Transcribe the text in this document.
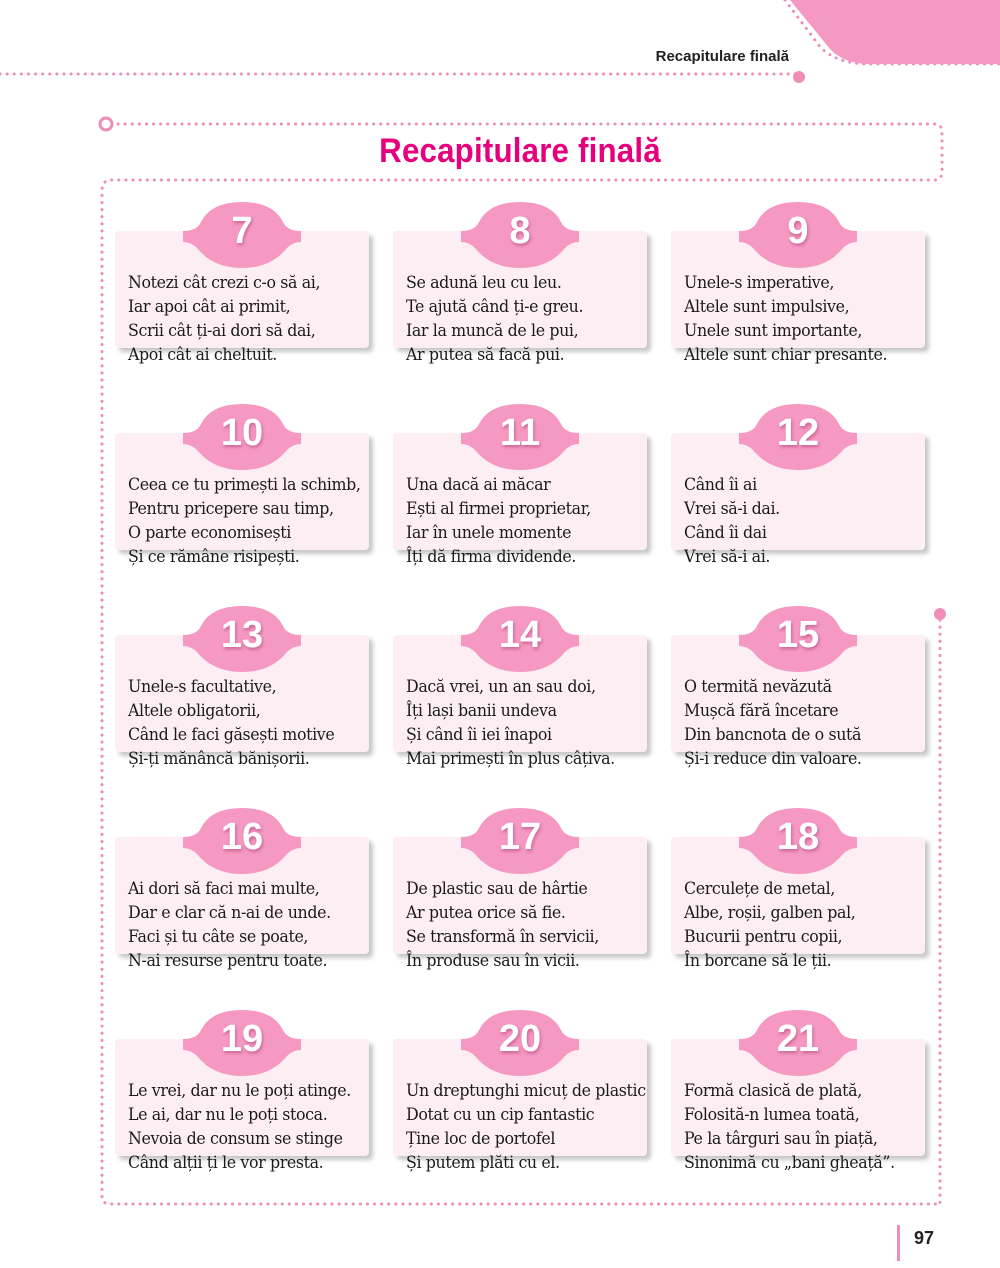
Recapitulare finală
Recapitulare finală
Notezi cât crezi c-o să ai,
Iar apoi cât ai primit,
Scrii cât ți-ai dori să dai,
Apoi cât ai cheltuit.
7
Se adună leu cu leu.
Te ajută când ți-e greu.
Iar la muncă de le pui,
Ar putea să facă pui.
8
Unele-s imperative,
Altele sunt impulsive,
Unele sunt importante,
Altele sunt chiar presante.
9
Ceea ce tu primești la schimb,
Pentru pricepere sau timp,
O parte economisești
Și ce rămâne risipești.
10
Una dacă ai măcar
Ești al firmei proprietar,
Iar în unele momente
Îți dă firma dividende.
11
Când îi ai
Vrei să-i dai.
Când îi dai
Vrei să-i ai.
12
Unele-s facultative,
Altele obligatorii,
Când le faci găsești motive
Și-ți mănâncă bănișorii.
13
Dacă vrei, un an sau doi,
Îți lași banii undeva
Și când îi iei înapoi
Mai primești în plus câțiva.
14
O termită nevăzută
Mușcă fără încetare
Din bancnota de o sută
Și-i reduce din valoare.
15
Ai dori să faci mai multe,
Dar e clar că n-ai de unde.
Faci și tu câte se poate,
N-ai resurse pentru toate.
16
De plastic sau de hârtie
Ar putea orice să fie.
Se transformă în servicii,
În produse sau în vicii.
17
Cerculețe de metal,
Albe, roșii, galben pal,
Bucurii pentru copii,
În borcane să le ții.
18
Le vrei, dar nu le poți atinge.
Le ai, dar nu le poți stoca.
Nevoia de consum se stinge
Când alții ți le vor presta.
19
Un dreptunghi micuț de plastic
Dotat cu un cip fantastic
Ține loc de portofel
Și putem plăti cu el.
20
Formă clasică de plată,
Folosită-n lumea toată,
Pe la târguri sau în piață,
Sinonimă cu „bani gheață”.
21
97
